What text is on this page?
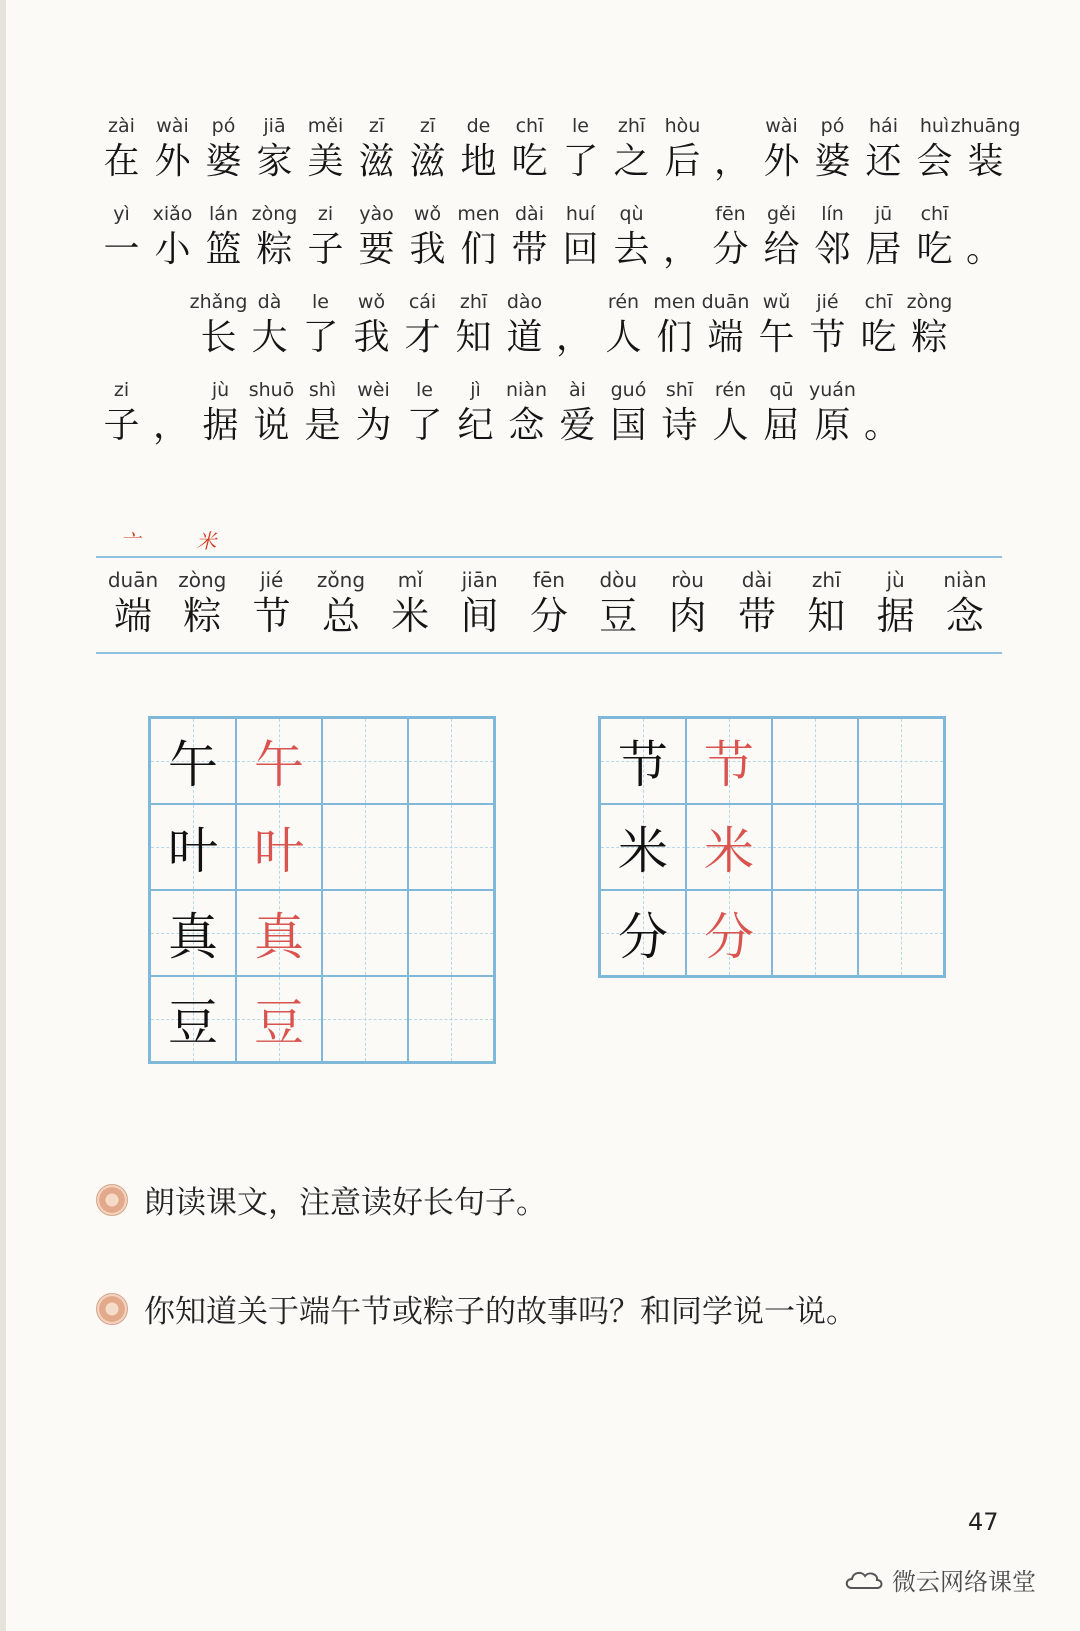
zài
在
wài
外
pó
婆
jiā
家
měi
美
zī
滋
zī
滋
de
地
chī
吃
le
了
zhī
之
hòu
后 ，
wài
外
pó
婆
hái
还
huì
会
zhuāng
装
yì
一
xiǎo
小
lán
篮
zòng
粽
zi
子
yào
要
wǒ
我
men
们
dài
带
huí
回
qù
去 ，
fēn
分
gěi
给
lín
邻
jū
居
chī
吃 。
zhǎng
长
dà
大
le
了
wǒ
我
cái
才
zhī
知
dào
道 ，
rén
人
men
们
duān
端
wǔ
午
jié
节
chī
吃
zòng
粽
zi
子 ，
jù
据
shuō
说
shì
是
wèi
为
le
了
jì
纪
niàn
念
ài
爱
guó
国
shī
诗
rén
人
qū
屈
yuán
原 。
亠	米
duān
端
zòng
粽
jié
节
zǒng
总
mǐ
米
jiān
间
fēn
分
dòu
豆
ròu
肉
dài
带
zhī
知
jù
据
niàn
念
午 午
叶 叶
真 真
豆 豆
节 节
米 米
分 分
朗读课文，注意读好长句子。
你知道关于端午节或粽子的故事吗？和同学说一说。
47
微云网络课堂
